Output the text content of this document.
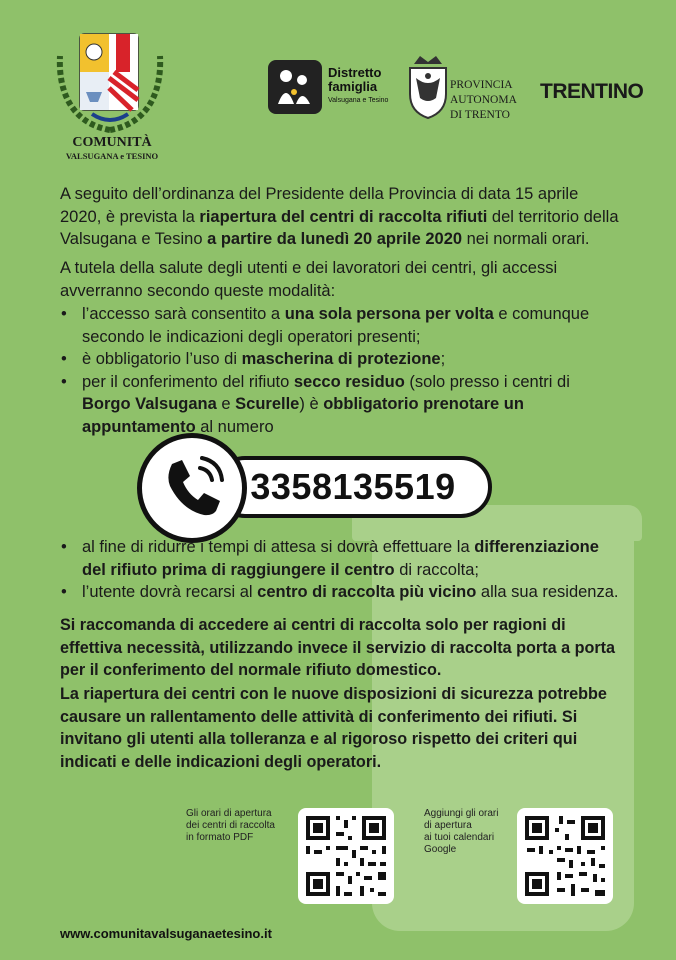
COMUNITÀ
VALSUGANA e TESINO
Distretto
famiglia
Valsugana e Tesino
PROVINCIA
AUTONOMA
DI TRENTO
TRENTINO
A seguito dell’ordinanza del Presidente della Provincia di data 15 aprile 2020, è prevista la riapertura del centri di raccolta rifiuti del territorio della Valsugana e Tesino a partire da lunedì 20 aprile 2020 nei normali orari.
A tutela della salute degli utenti e dei lavoratori dei centri, gli accessi avverranno secondo queste modalità:
• l’accesso sarà consentito a una sola persona per volta e comunque secondo le indicazioni degli operatori presenti;
• è obbligatorio l’uso di mascherina di protezione;
• per il conferimento del rifiuto secco residuo (solo presso i centri di Borgo Valsugana e Scurelle) è obbligatorio prenotare un appuntamento al numero
3358135519
• al fine di ridurre i tempi di attesa si dovrà effettuare la differenziazione del rifiuto prima di raggiungere il centro di raccolta;
• l’utente dovrà recarsi al centro di raccolta più vicino alla sua residenza.
Si raccomanda di accedere ai centri di raccolta solo per ragioni di effettiva necessità, utilizzando invece il servizio di raccolta porta a porta per il conferimento del normale rifiuto domestico.
La riapertura dei centri con le nuove disposizioni di sicurezza potrebbe causare un rallentamento delle attività di conferimento dei rifiuti. Si invitano gli utenti alla tolleranza e al rigoroso rispetto dei criteri qui indicati e delle indicazioni degli operatori.
Gli orari di apertura
dei centri di raccolta
in formato PDF
Aggiungi gli orari
di apertura
ai tuoi calendari
Google
www.comunitavalsuganaetesino.it
